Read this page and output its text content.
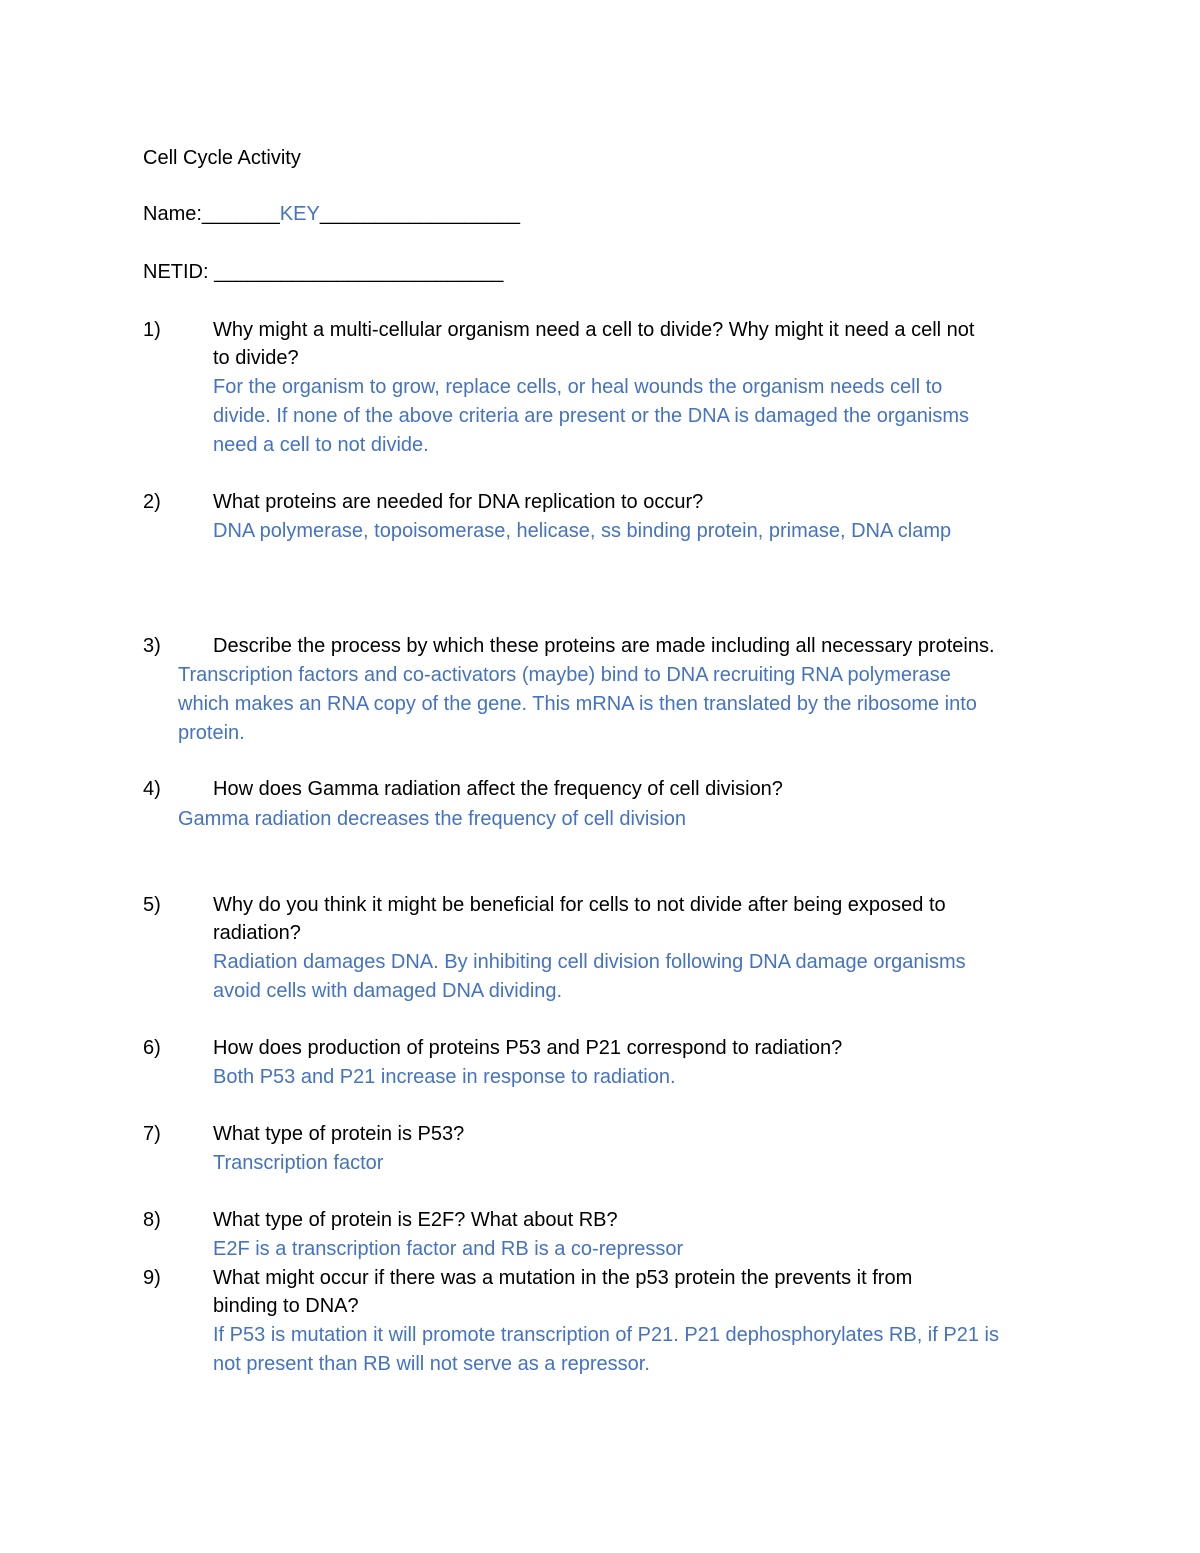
Cell Cycle Activity
Name:_______KEY__________________
NETID: __________________________
1)	Why might a multi-cellular organism need a cell to divide? Why might it need a cell not
to divide?
For the organism to grow, replace cells, or heal wounds the organism needs cell to
divide. If none of the above criteria are present or the DNA is damaged the organisms
need a cell to not divide.
2)	What proteins are needed for DNA replication to occur?
DNA polymerase, topoisomerase, helicase, ss binding protein, primase, DNA clamp
3)	Describe the process by which these proteins are made including all necessary proteins.
Transcription factors and co-activators (maybe) bind to DNA recruiting RNA polymerase
which makes an RNA copy of the gene. This mRNA is then translated by the ribosome into
protein.
4)	How does Gamma radiation affect the frequency of cell division?
Gamma radiation decreases the frequency of cell division
5)	Why do you think it might be beneficial for cells to not divide after being exposed to
radiation?
Radiation damages DNA. By inhibiting cell division following DNA damage organisms
avoid cells with damaged DNA dividing.
6)	How does production of proteins P53 and P21 correspond to radiation?
Both P53 and P21 increase in response to radiation.
7)	What type of protein is P53?
Transcription factor
8)	What type of protein is E2F? What about RB?
E2F is a transcription factor and RB is a co-repressor
9)	What might occur if there was a mutation in the p53 protein the prevents it from
binding to DNA?
If P53 is mutation it will promote transcription of P21. P21 dephosphorylates RB, if P21 is
not present than RB will not serve as a repressor.
